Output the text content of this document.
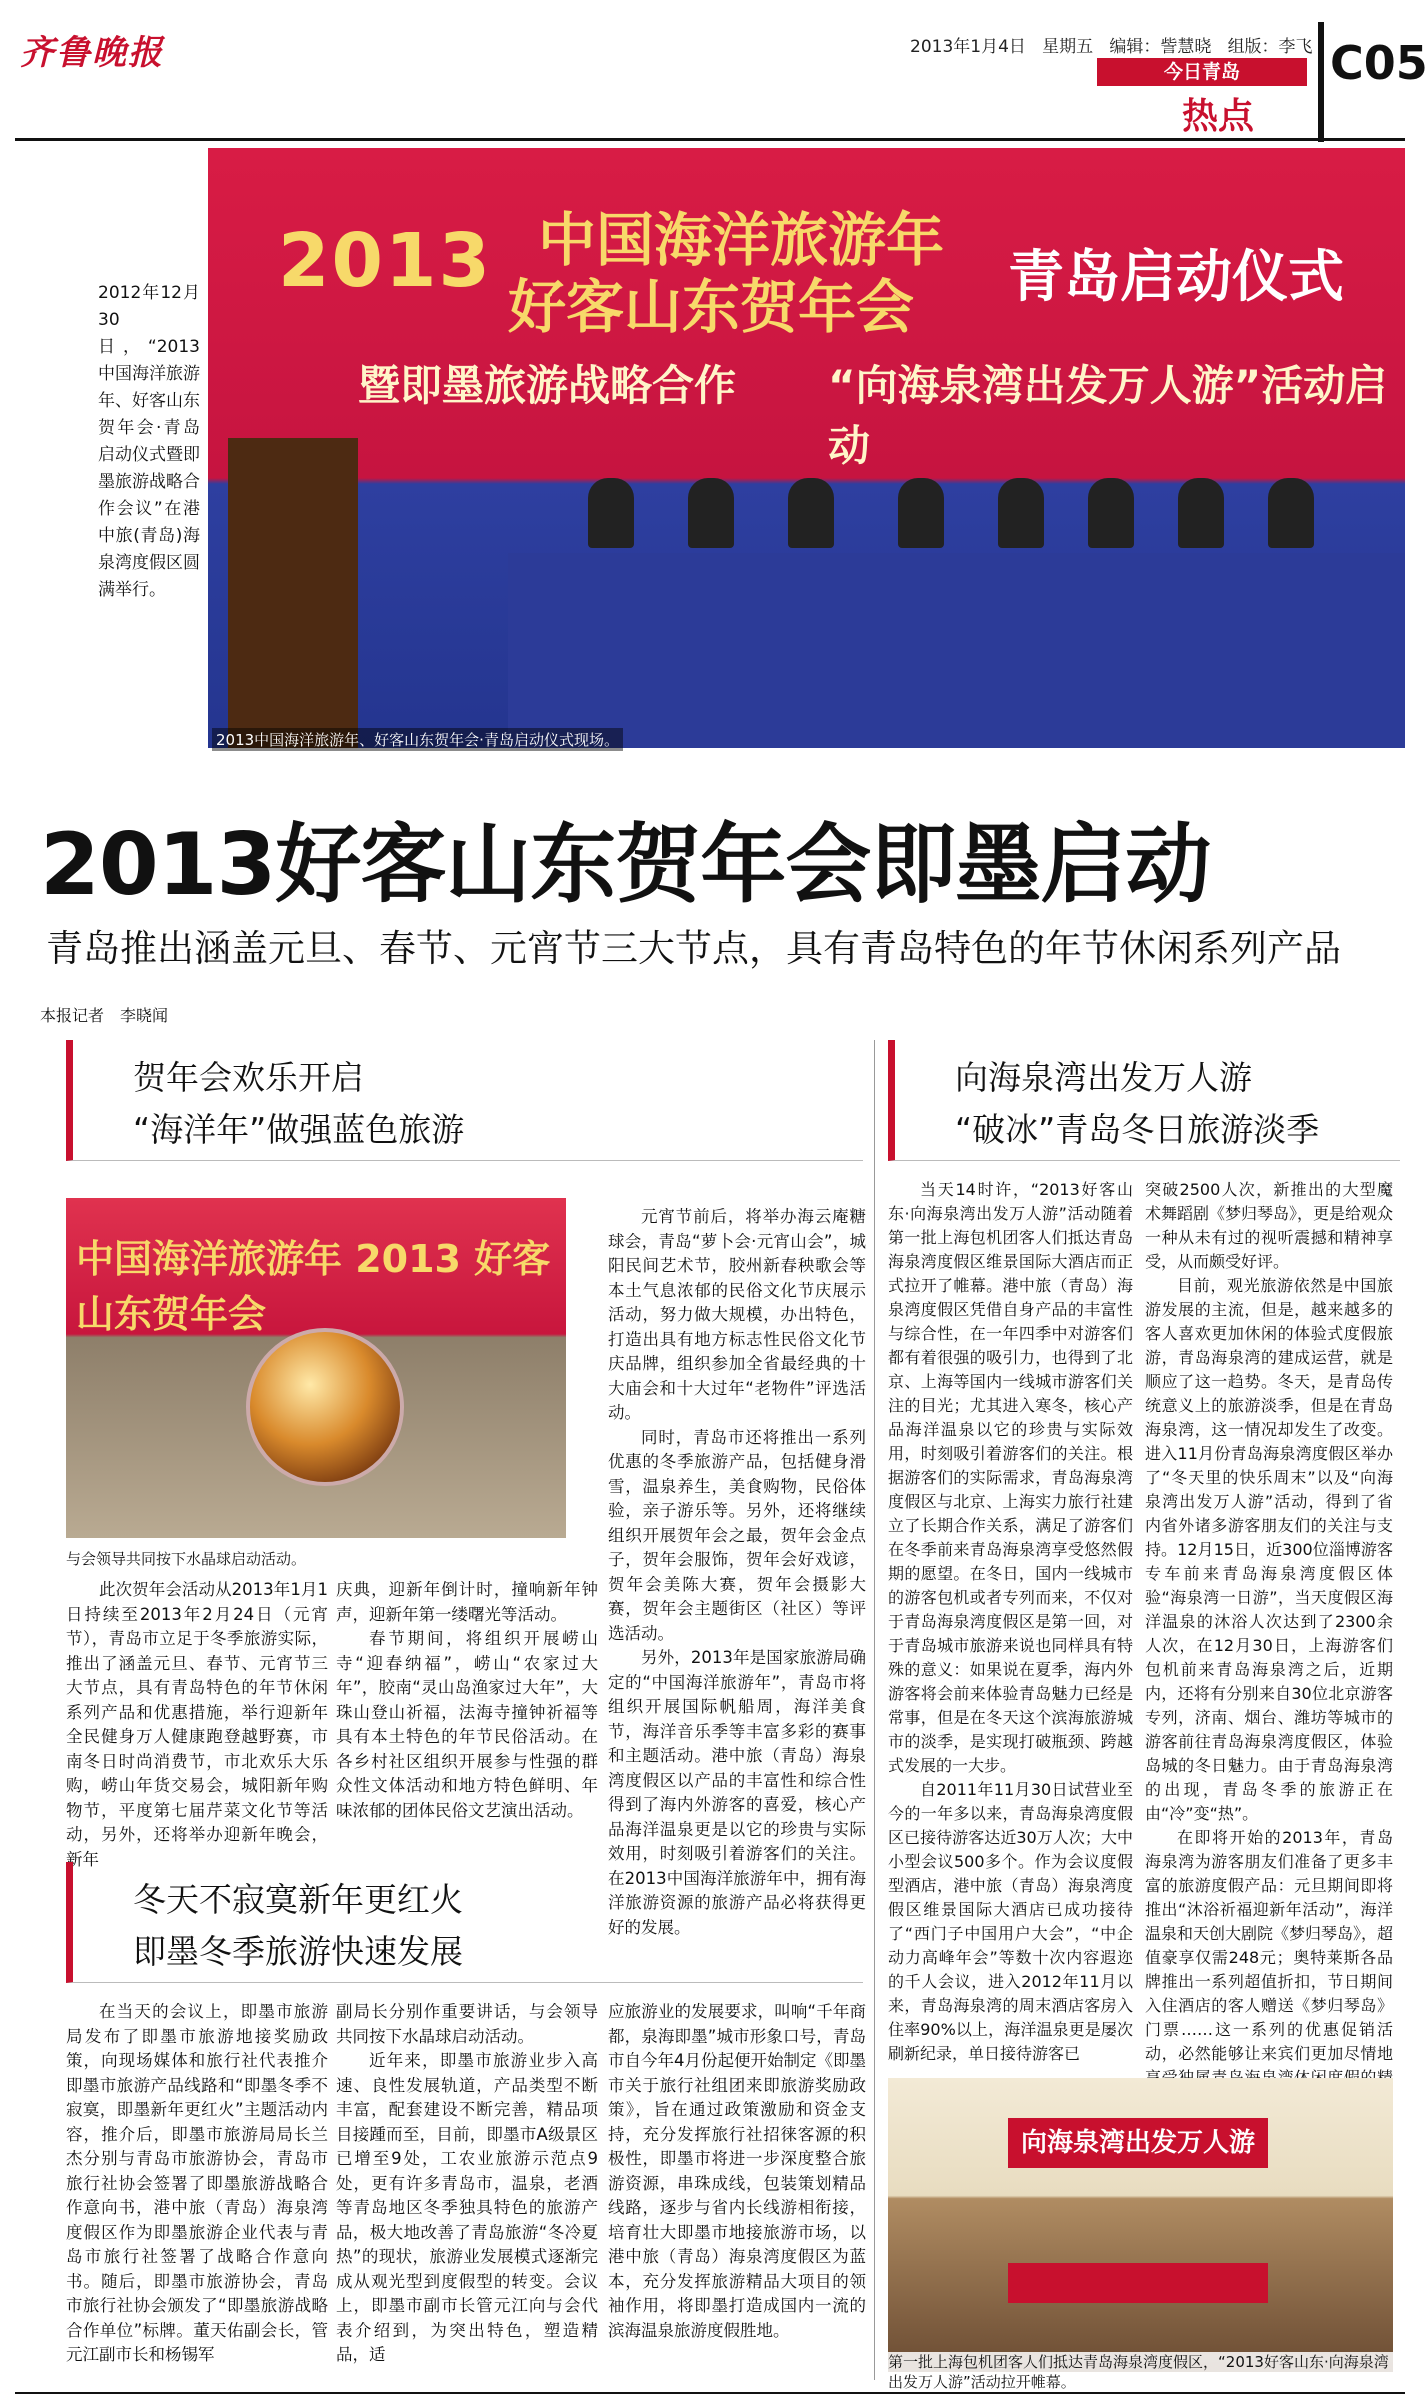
齐鲁晚报	2013年1月4日 星期五 编辑：訾慧晓 组版：李飞
今日青岛
热点
C05
2012年12月30日，“2013中国海洋旅游年、好客山东贺年会·青岛启动仪式暨即墨旅游战略合作会议”在港中旅(青岛)海泉湾度假区圆满举行。
2013 中国海洋旅游年
好客山东贺年会 青岛启动仪式
暨即墨旅游战略合作 “向海泉湾出发万人游”活动启动
2013中国海洋旅游年、好客山东贺年会·青岛启动仪式现场。
2013好客山东贺年会即墨启动
青岛推出涵盖元旦、春节、元宵节三大节点，具有青岛特色的年节休闲系列产品
本报记者　李晓闻
贺年会欢乐开启
“海洋年”做强蓝色旅游
向海泉湾出发万人游
“破冰”青岛冬日旅游淡季
中国海洋旅游年 2013 好客山东贺年会
与会领导共同按下水晶球启动活动。

此次贺年会活动从2013年1月1日持续至2013年2月24日（元宵节），青岛市立足于冬季旅游实际，推出了涵盖元旦、春节、元宵节三大节点，具有青岛特色的年节休闲系列产品和优惠措施，举行迎新年全民健身万人健康跑登越野赛，市南冬日时尚消费节，市北欢乐大乐购，崂山年货交易会，城阳新年购物节，平度第七届芹菜文化节等活动，另外，还将举办迎新年晚会，新年

庆典，迎新年倒计时，撞响新年钟声，迎新年第一缕曙光等活动。

春节期间，将组织开展崂山寺“迎春纳福”，崂山“农家过大年”，胶南“灵山岛渔家过大年”，大珠山登山祈福，法海寺撞钟祈福等具有本土特色的年节民俗活动。在各乡村社区组织开展参与性强的群众性文体活动和地方特色鲜明、年味浓郁的团体民俗文艺演出活动。

元宵节前后，将举办海云庵糖球会，青岛“萝卜会·元宵山会”，城阳民间艺术节，胶州新春秧歌会等本土气息浓郁的民俗文化节庆展示活动，努力做大规模，办出特色，打造出具有地方标志性民俗文化节庆品牌，组织参加全省最经典的十大庙会和十大过年“老物件”评选活动。

同时，青岛市还将推出一系列优惠的冬季旅游产品，包括健身滑雪，温泉养生，美食购物，民俗体验，亲子游乐等。另外，还将继续组织开展贺年会之最，贺年会金点子，贺年会服饰，贺年会好戏谚，贺年会美陈大赛，贺年会摄影大赛，贺年会主题街区（社区）等评选活动。

另外，2013年是国家旅游局确定的“中国海洋旅游年”，青岛市将组织开展国际帆船周，海洋美食节，海洋音乐季等丰富多彩的赛事和主题活动。港中旅（青岛）海泉湾度假区以产品的丰富性和综合性得到了海内外游客的喜爱，核心产品海洋温泉更是以它的珍贵与实际效用，时刻吸引着游客们的关注。在2013中国海洋旅游年中，拥有海洋旅游资源的旅游产品必将获得更好的发展。

冬天不寂寞新年更红火
即墨冬季旅游快速发展

在当天的会议上，即墨市旅游局发布了即墨市旅游地接奖励政策，向现场媒体和旅行社代表推介即墨市旅游产品线路和“即墨冬季不寂寞，即墨新年更红火”主题活动内容，推介后，即墨市旅游局局长兰杰分别与青岛市旅游协会，青岛市旅行社协会签署了即墨旅游战略合作意向书，港中旅（青岛）海泉湾度假区作为即墨旅游企业代表与青岛市旅行社签署了战略合作意向书。随后，即墨市旅游协会，青岛市旅行社协会颁发了“即墨旅游战略合作单位”标牌。董天佑副会长，管元江副市长和杨锡军

副局长分别作重要讲话，与会领导共同按下水晶球启动活动。

近年来，即墨市旅游业步入高速、良性发展轨道，产品类型不断丰富，配套建设不断完善，精品项目接踵而至，目前，即墨市A级景区已增至9处，工农业旅游示范点9处，更有许多青岛市，温泉，老酒等青岛地区冬季独具特色的旅游产品，极大地改善了青岛旅游“冬冷夏热”的现状，旅游业发展模式逐渐完成从观光型到度假型的转变。会议上，即墨市副市长管元江向与会代表介绍到，为突出特色，塑造精品，适

应旅游业的发展要求，叫响“千年商都，泉海即墨”城市形象口号，青岛市自今年4月份起便开始制定《即墨市关于旅行社组团来即旅游奖励政策》，旨在通过政策激励和资金支持，充分发挥旅行社招徕客源的积极性，即墨市将进一步深度整合旅游资源，串珠成线，包装策划精品线路，逐步与省内长线游相衔接，培育壮大即墨市地接旅游市场，以港中旅（青岛）海泉湾度假区为蓝本，充分发挥旅游精品大项目的领袖作用，将即墨打造成国内一流的滨海温泉旅游度假胜地。

当天14时许，“2013好客山东·向海泉湾出发万人游”活动随着第一批上海包机团客人们抵达青岛海泉湾度假区维景国际大酒店而正式拉开了帷幕。港中旅（青岛）海泉湾度假区凭借自身产品的丰富性与综合性，在一年四季中对游客们都有着很强的吸引力，也得到了北京、上海等国内一线城市游客们关注的目光；尤其进入寒冬，核心产品海洋温泉以它的珍贵与实际效用，时刻吸引着游客们的关注。根据游客们的实际需求，青岛海泉湾度假区与北京、上海实力旅行社建立了长期合作关系，满足了游客们在冬季前来青岛海泉湾享受悠然假期的愿望。在冬日，国内一线城市的游客包机或者专列而来，不仅对于青岛海泉湾度假区是第一回，对于青岛城市旅游来说也同样具有特殊的意义：如果说在夏季，海内外游客将会前来体验青岛魅力已经是常事，但是在冬天这个滨海旅游城市的淡季，是实现打破瓶颈、跨越式发展的一大步。

自2011年11月30日试营业至今的一年多以来，青岛海泉湾度假区已接待游客达近30万人次；大中小型会议500多个。作为会议度假型酒店，港中旅（青岛）海泉湾度假区维景国际大酒店已成功接待了“西门子中国用户大会”，“中企动力高峰年会”等数十次内容遐迩的千人会议，进入2012年11月以来，青岛海泉湾的周末酒店客房入住率90%以上，海洋温泉更是屡次刷新纪录，单日接待游客已

突破2500人次，新推出的大型魔术舞蹈剧《梦归琴岛》，更是给观众一种从未有过的视听震撼和精神享受，从而颇受好评。

目前，观光旅游依然是中国旅游发展的主流，但是，越来越多的客人喜欢更加休闲的体验式度假旅游，青岛海泉湾的建成运营，就是顺应了这一趋势。冬天，是青岛传统意义上的旅游淡季，但是在青岛海泉湾，这一情况却发生了改变。进入11月份青岛海泉湾度假区举办了“冬天里的快乐周末”以及“向海泉湾出发万人游”活动，得到了省内省外诸多游客朋友们的关注与支持。12月15日，近300位淄博游客专车前来青岛海泉湾度假区体验“海泉湾一日游”，当天度假区海洋温泉的沐浴人次达到了2300余人次，在12月30日，上海游客们包机前来青岛海泉湾之后，近期内，还将有分别来自30位北京游客专列，济南、烟台、潍坊等城市的游客前往青岛海泉湾度假区，体验岛城的冬日魅力。由于青岛海泉湾的出现，青岛冬季的旅游正在由“冷”变“热”。

在即将开始的2013年，青岛海泉湾为游客朋友们准备了更多丰富的旅游度假产品：元旦期间即将推出“沐浴祈福迎新年活动”，海洋温泉和天创大剧院《梦归琴岛》，超值豪享仅需248元；奥特莱斯各品牌推出一系列超值折扣，节日期间入住酒店的客人赠送《梦归琴岛》门票……这一系列的优惠促销活动，必然能够让来宾们更加尽情地

向海泉湾出发万人游
第一批上海包机团客人们抵达青岛海泉湾度假区，“2013好客山东·向海泉湾出发万人游”活动拉开帷幕。
